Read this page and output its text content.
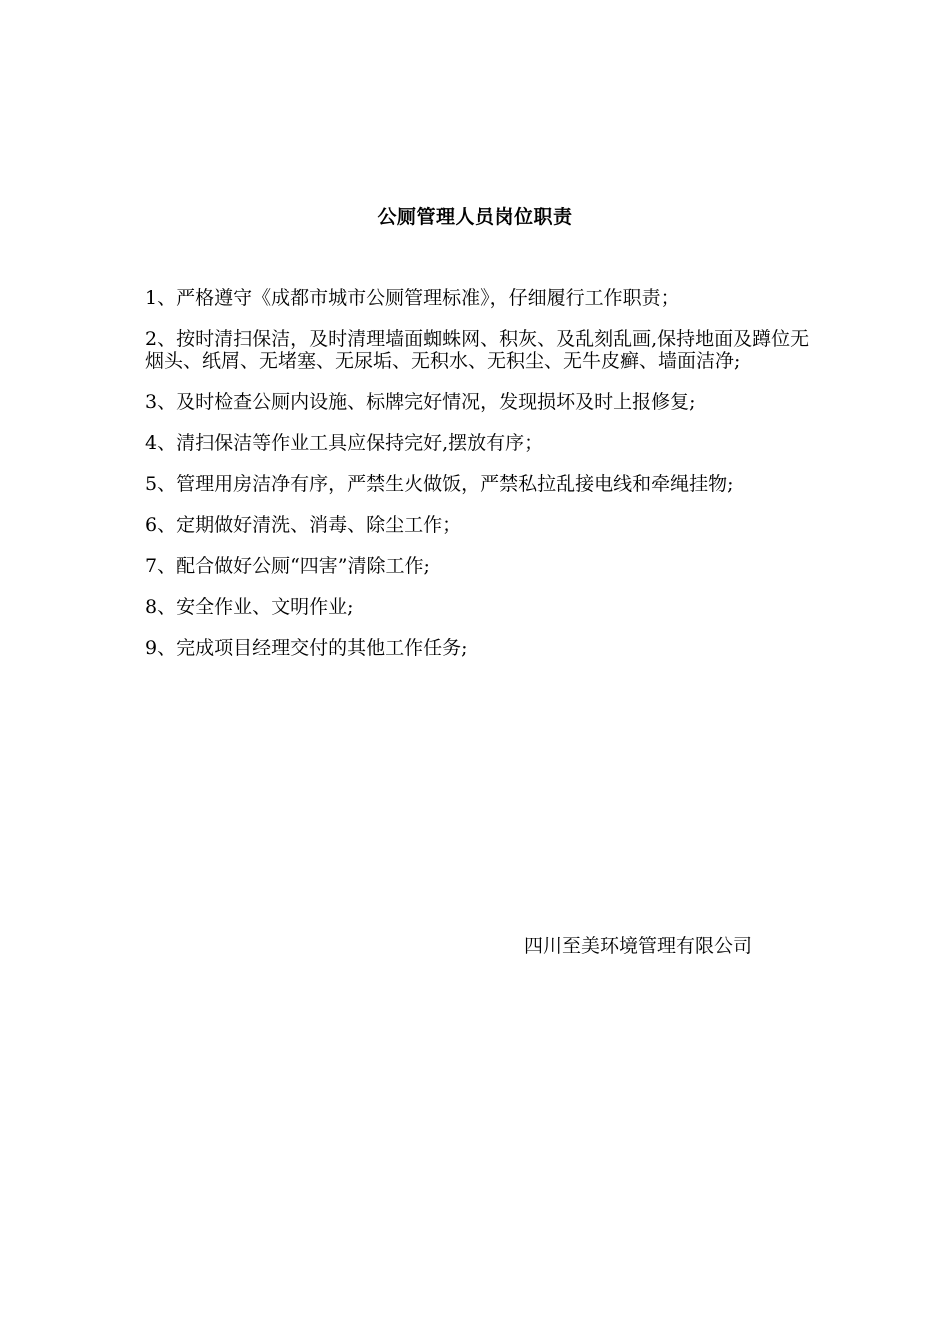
公厕管理人员岗位职责
1、严格遵守《成都市城市公厕管理标准》，仔细履行工作职责；
2、按时清扫保洁，及时清理墙面蜘蛛网、积灰、及乱刻乱画,保持地面及蹲位无烟头、纸屑、无堵塞、无尿垢、无积水、无积尘、无牛皮癣、墙面洁净;
3、及时检查公厕内设施、标牌完好情况，发现损坏及时上报修复;
4、清扫保洁等作业工具应保持完好,摆放有序；
5、管理用房洁净有序，严禁生火做饭，严禁私拉乱接电线和牵绳挂物;
6、定期做好清洗、消毒、除尘工作；
7、配合做好公厕“四害”清除工作;
8、安全作业、文明作业;
9、完成项目经理交付的其他工作任务;
四川至美环境管理有限公司
